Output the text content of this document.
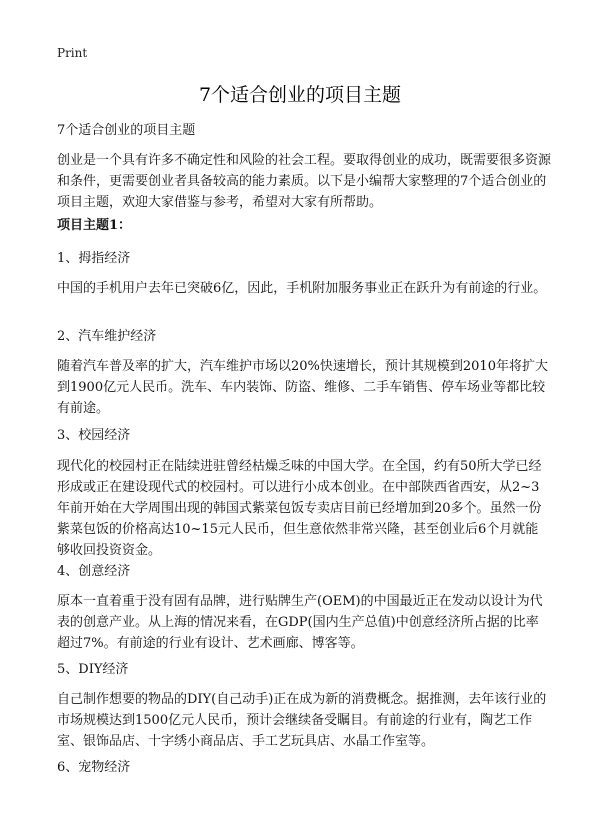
Print
7个适合创业的项目主题
7个适合创业的项目主题
创业是一个具有许多不确定性和风险的社会工程。要取得创业的成功，既需要很多资源和条件，更需要创业者具备较高的能力素质。以下是小编帮大家整理的7个适合创业的项目主题，欢迎大家借鉴与参考，希望对大家有所帮助。
项目主题1：
1、拇指经济
中国的手机用户去年已突破6亿，因此，手机附加服务事业正在跃升为有前途的行业。
2、汽车维护经济
随着汽车普及率的扩大，汽车维护市场以20%快速增长，预计其规模到2010年将扩大到1900亿元人民币。洗车、车内装饰、防盗、维修、二手车销售、停车场业等都比较有前途。
3、校园经济
现代化的校园村正在陆续进驻曾经枯燥乏味的中国大学。在全国，约有50所大学已经形成或正在建设现代式的校园村。可以进行小成本创业。在中部陕西省西安，从2~3年前开始在大学周围出现的韩国式紫菜包饭专卖店目前已经增加到20多个。虽然一份紫菜包饭的价格高达10~15元人民币，但生意依然非常兴隆，甚至创业后6个月就能够收回投资资金。
4、创意经济
原本一直着重于没有固有品牌，进行贴牌生产(OEM)的中国最近正在发动以设计为代表的创意产业。从上海的情况来看，在GDP(国内生产总值)中创意经济所占据的比率超过7%。有前途的行业有设计、艺术画廊、博客等。
5、DIY经济
自己制作想要的物品的DIY(自己动手)正在成为新的消费概念。据推测，去年该行业的市场规模达到1500亿元人民币，预计会继续备受瞩目。有前途的行业有，陶艺工作室、银饰品店、十字绣小商品店、手工艺玩具店、水晶工作室等。
6、宠物经济
